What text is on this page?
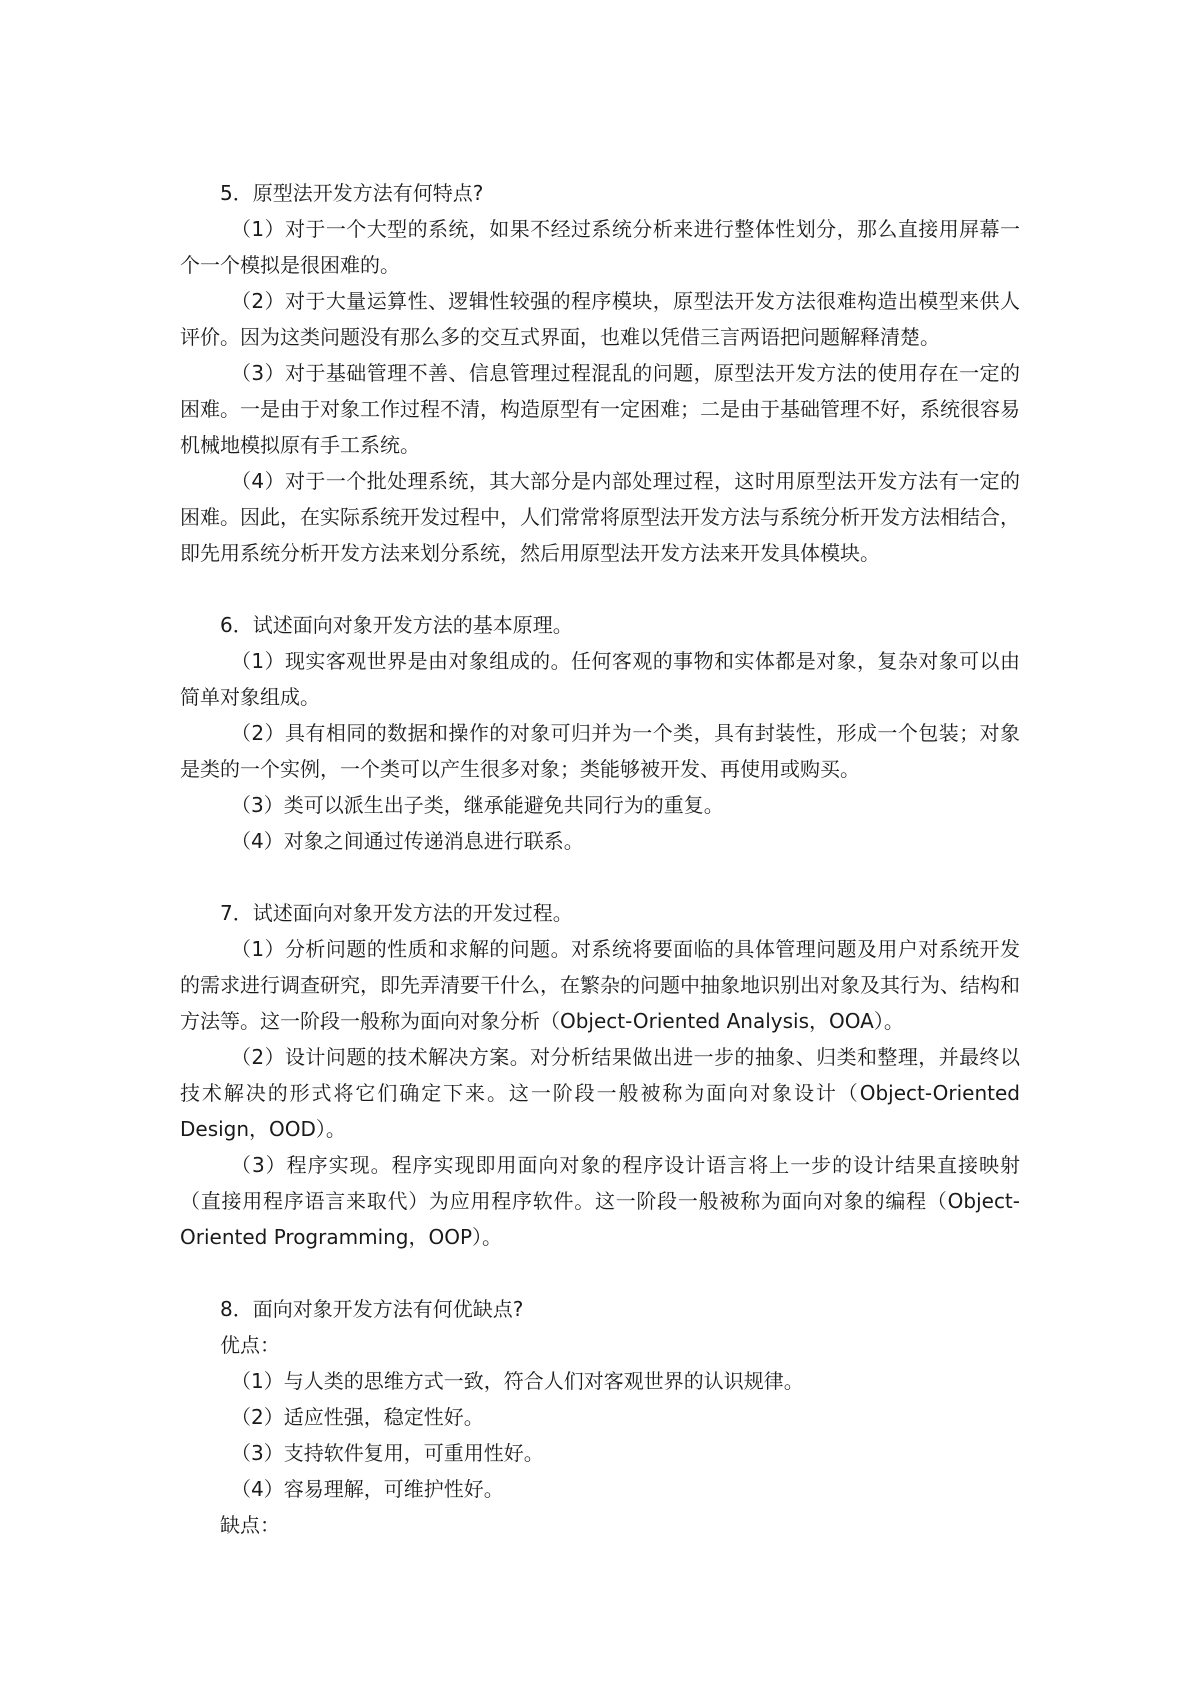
5．原型法开发方法有何特点?

（1）对于一个大型的系统，如果不经过系统分析来进行整体性划分，那么直接用屏幕一个一个模拟是很困难的。

（2）对于大量运算性、逻辑性较强的程序模块，原型法开发方法很难构造出模型来供人评价。因为这类问题没有那么多的交互式界面，也难以凭借三言两语把问题解释清楚。

（3）对于基础管理不善、信息管理过程混乱的问题，原型法开发方法的使用存在一定的困难。一是由于对象工作过程不清，构造原型有一定困难；二是由于基础管理不好，系统很容易机械地模拟原有手工系统。

（4）对于一个批处理系统，其大部分是内部处理过程，这时用原型法开发方法有一定的困难。因此，在实际系统开发过程中，人们常常将原型法开发方法与系统分析开发方法相结合，即先用系统分析开发方法来划分系统，然后用原型法开发方法来开发具体模块。

6．试述面向对象开发方法的基本原理。

（1）现实客观世界是由对象组成的。任何客观的事物和实体都是对象，复杂对象可以由简单对象组成。

（2）具有相同的数据和操作的对象可归并为一个类，具有封装性，形成一个包装；对象是类的一个实例，一个类可以产生很多对象；类能够被开发、再使用或购买。

（3）类可以派生出子类，继承能避免共同行为的重复。

（4）对象之间通过传递消息进行联系。

7．试述面向对象开发方法的开发过程。

（1）分析问题的性质和求解的问题。对系统将要面临的具体管理问题及用户对系统开发的需求进行调查研究，即先弄清要干什么，在繁杂的问题中抽象地识别出对象及其行为、结构和方法等。这一阶段一般称为面向对象分析（Object-Oriented Analysis，OOA）。

（2）设计问题的技术解决方案。对分析结果做出进一步的抽象、归类和整理，并最终以技术解决的形式将它们确定下来。这一阶段一般被称为面向对象设计（Object-Oriented Design，OOD）。

（3）程序实现。程序实现即用面向对象的程序设计语言将上一步的设计结果直接映射（直接用程序语言来取代）为应用程序软件。这一阶段一般被称为面向对象的编程（Object-Oriented Programming，OOP）。

8．面向对象开发方法有何优缺点?

优点：

（1）与人类的思维方式一致，符合人们对客观世界的认识规律。

（2）适应性强，稳定性好。

（3）支持软件复用，可重用性好。

（4）容易理解，可维护性好。

缺点：
